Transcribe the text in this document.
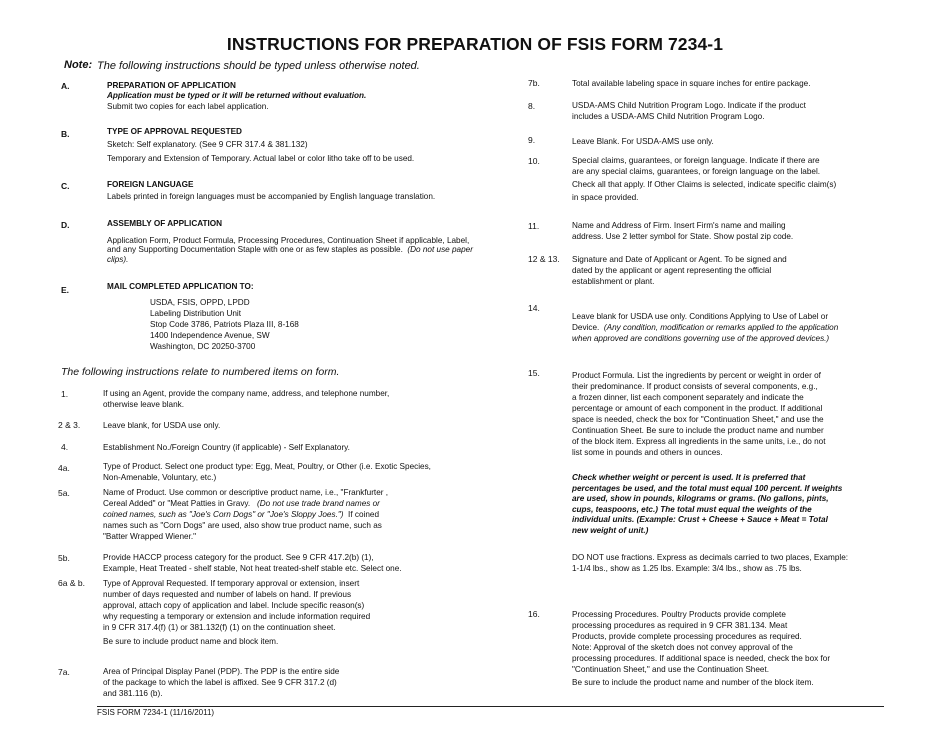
INSTRUCTIONS FOR PREPARATION OF FSIS FORM 7234-1
Note: The following instructions should be typed unless otherwise noted.
A.	PREPARATION OF APPLICATION
Application must be typed or it will be returned without evaluation.
Submit two copies for each label application.
B.	TYPE OF APPROVAL REQUESTED
Sketch: Self explanatory. (See 9 CFR 317.4 & 381.132)
Temporary and Extension of Temporary. Actual label or color litho take off to be used.
C.	FOREIGN LANGUAGE
Labels printed in foreign languages must be accompanied by English language translation.
D.	ASSEMBLY OF APPLICATION
Application Form, Product Formula, Processing Procedures, Continuation Sheet if applicable, Label,
and any Supporting Documentation Staple with one or as few staples as possible. (Do not use paper
clips).
E.	MAIL COMPLETED APPLICATION TO:
USDA, FSIS, OPPD, LPDD
Labeling Distribution Unit
Stop Code 3786, Patriots Plaza III, 8-168
1400 Independence Avenue, SW
Washington, DC 20250-3700
The following instructions relate to numbered items on form.
1.	If using an Agent, provide the company name, address, and telephone number,
otherwise leave blank.
2 & 3.	Leave blank, for USDA use only.
4.	Establishment No./Foreign Country (if applicable) - Self Explanatory.
4a.	Type of Product. Select one product type: Egg, Meat, Poultry, or Other (i.e. Exotic Species,
Non-Amenable, Voluntary, etc.)
5a.	Name of Product. Use common or descriptive product name, i.e., "Frankfurter ,
Cereal Added" or "Meat Patties in Gravy. (Do not use trade brand names or
coined names, such as "Joe's Corn Dogs" or "Joe's Sloppy Joes.") If coined
names such as "Corn Dogs" are used, also show true product name, such as
"Batter Wrapped Wiener."
5b.	Provide HACCP process category for the product. See 9 CFR 417.2(b) (1),
Example, Heat Treated - shelf stable, Not heat treated-shelf stable etc. Select one.
6a & b. Type of Approval Requested. If temporary approval or extension, insert
number of days requested and number of labels on hand. If previous
approval, attach copy of application and label. Include specific reason(s)
why requesting a temporary or extension and include information required
in 9 CFR 317.4(f) (1) or 381.132(f) (1) on the continuation sheet.
Be sure to include product name and block item.
7a.	Area of Principal Display Panel (PDP). The PDP is the entire side
of the package to which the label is affixed. See 9 CFR 317.2 (d)
and 381.116 (b).
7b.	Total available labeling space in square inches for entire package.
8.	USDA-AMS Child Nutrition Program Logo. Indicate if the product
includes a USDA-AMS Child Nutrition Program Logo.
9.	Leave Blank. For USDA-AMS use only.
10.	Special claims, guarantees, or foreign language. Indicate if there are
are any special claims, guarantees, or foreign language on the label.
Check all that apply. If Other Claims is selected, indicate specific claim(s)
in space provided.
11.	Name and Address of Firm. Insert Firm's name and mailing
address. Use 2 letter symbol for State. Show postal zip code.
12 & 13. Signature and Date of Applicant or Agent. To be signed and
dated by the applicant or agent representing the official
establishment or plant.
14.
Leave blank for USDA use only. Conditions Applying to Use of Label or
Device. (Any condition, modification or remarks applied to the application
when approved are conditions governing use of the approved devices.)
15.	Product Formula. List the ingredients by percent or weight in order of
their predominance. If product consists of several components, e.g.,
a frozen dinner, list each component separately and indicate the
percentage or amount of each component in the product. If additional
space is needed, check the box for "Continuation Sheet," and use the
Continuation Sheet. Be sure to include the product name and number
of the block item. Express all ingredients in the same units, i.e., do not
list some in pounds and others in ounces.
Check whether weight or percent is used. It is preferred that
percentages be used, and the total must equal 100 percent. If weights
are used, show in pounds, kilograms or grams. (No gallons, pints,
cups, teaspoons, etc.) The total must equal the weights of the
individual units. (Example: Crust + Cheese + Sauce + Meat = Total
new weight of unit.)
DO NOT use fractions. Express as decimals carried to two places, Example:
1-1/4 lbs., show as 1.25 lbs. Example: 3/4 lbs., show as .75 lbs.
16.	Processing Procedures. Poultry Products provide complete
processing procedures as required in 9 CFR 381.134. Meat
Products, provide complete processing procedures as required.
Note: Approval of the sketch does not convey approval of the
processing procedures. If additional space is needed, check the box for
"Continuation Sheet," and use the Continuation Sheet.
Be sure to include the product name and number of the block item.
FSIS FORM 7234-1 (11/16/2011)
